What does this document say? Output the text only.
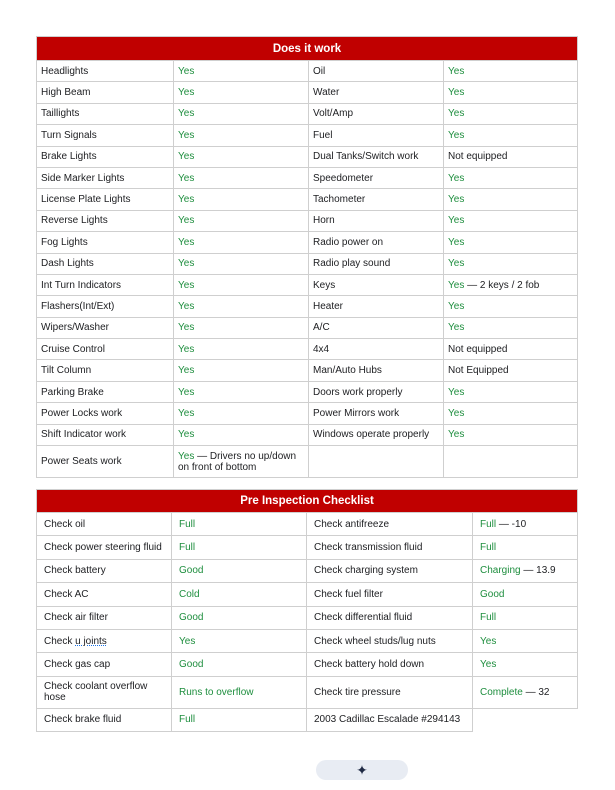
Does it work			
Headlights	Yes	Oil	Yes
High Beam	Yes	Water	Yes
Taillights	Yes	Volt/Amp	Yes
Turn Signals	Yes	Fuel	Yes
Brake Lights	Yes	Dual Tanks/Switch work	Not equipped
Side Marker Lights	Yes	Speedometer	Yes
License Plate Lights	Yes	Tachometer	Yes
Reverse Lights	Yes	Horn	Yes
Fog Lights	Yes	Radio power on	Yes
Dash Lights	Yes	Radio play sound	Yes
Int Turn Indicators	Yes	Keys	Yes — 2 keys / 2 fob
Flashers(Int/Ext)	Yes	Heater	Yes
Wipers/Washer	Yes	A/C	Yes
Cruise Control	Yes	4x4	Not equipped
Tilt Column	Yes	Man/Auto Hubs	Not Equipped
Parking Brake	Yes	Doors work properly	Yes
Power Locks work	Yes	Power Mirrors work	Yes
Shift Indicator work	Yes	Windows operate properly	Yes
Power Seats work	Yes — Drivers no up/down on front of bottom		
Pre Inspection Checklist			
Check oil	Full	Check antifreeze	Full — -10
Check power steering fluid	Full	Check transmission fluid	Full
Check battery	Good	Check charging system	Charging — 13.9
Check AC	Cold	Check fuel filter	Good
Check air filter	Good	Check differential fluid	Full
Check u joints	Yes	Check wheel studs/lug nuts	Yes
Check gas cap	Good	Check battery hold down	Yes
Check coolant overflow hose	Runs to overflow	Check tire pressure	Complete — 32
Check brake fluid	Full	2003 Cadillac Escalade #294143	
✦
